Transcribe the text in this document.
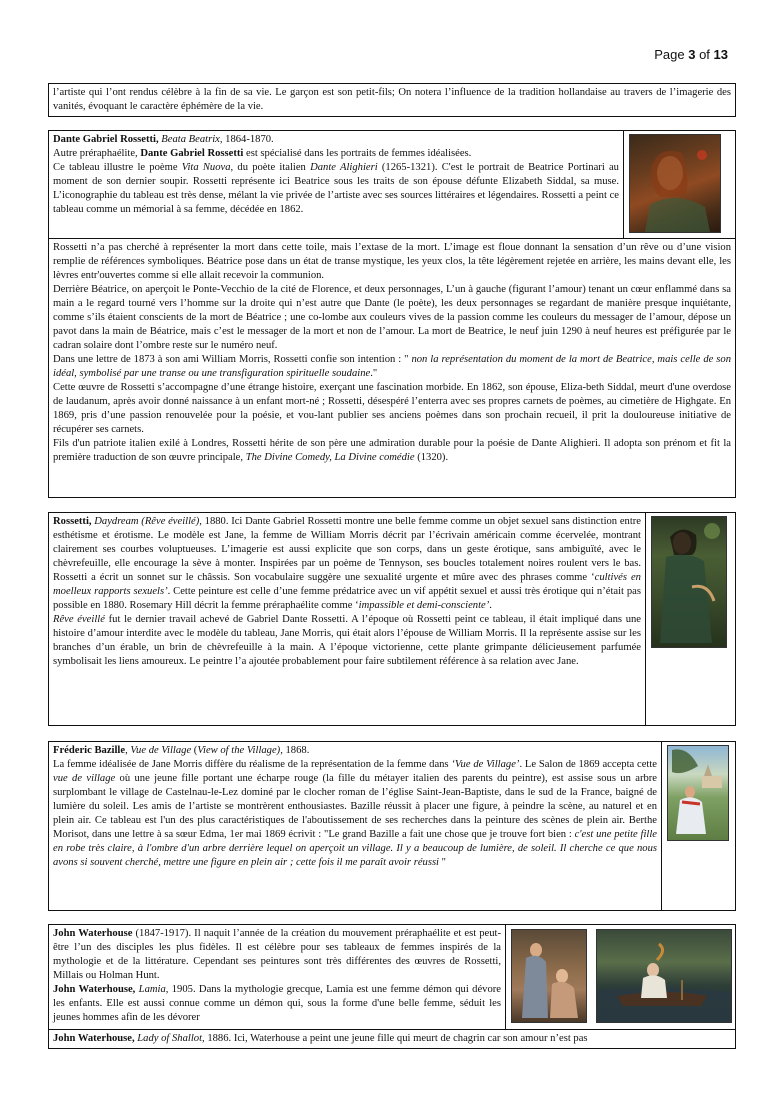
Page 3 of 13

l’artiste qui l’ont rendus célèbre à la fin de sa vie. Le garçon est son petit-fils; On notera l’influence de la tradition hollandaise au travers de l’imagerie des vanités, évoquant le caractère éphémère de la vie.

Dante Gabriel Rossetti, Beata Beatrix, 1864-1870.

Autre préraphaélite, Dante Gabriel Rossetti est spécialisé dans les portraits de femmes idéalisées.

Ce tableau illustre le poème Vita Nuova, du poète italien Dante Alighieri (1265-1321). C'est le portrait de Beatrice Portinari au moment de son dernier soupir. Rossetti représente ici Beatrice sous les traits de son épouse défunte Elizabeth Siddal, sa muse. L’iconographie du tableau est très dense, mélant la vie privée de l’artiste avec ses sources littéraires et légendaires. Rossetti a peint ce tableau comme un mémorial à sa femme, décédée en 1862.

Rossetti n’a pas cherché à représenter la mort dans cette toile, mais l’extase de la mort. L’image est floue donnant la sensation d’un rêve ou d’une vision remplie de références symboliques. Béatrice pose dans un état de transe mystique, les yeux clos, la tête légèrement rejetée en arrière, les mains devant elle, les lèvres entr'ouvertes comme si elle allait recevoir la communion.

Derrière Béatrice, on aperçoit le Ponte-Vecchio de la cité de Florence, et deux personnages, L’un à gauche (figurant l’amour) tenant un cœur enflammé dans sa main a le regard tourné vers l’homme sur la droite qui n’est autre que Dante (le poète), les deux personnages se regardant de manière presque inquiétante, comme s’ils étaient conscients de la mort de Béatrice ; une co-lombe aux couleurs vives de la passion comme les couleurs du messager de l’amour, dépose un pavot dans la main de Béatrice, mais c’est le messager de la mort et non de l’amour. La mort de Beatrice, le neuf juin 1290 à neuf heures est préfigurée par le cadran solaire dont l’ombre reste sur le numéro neuf.

Dans une lettre de 1873 à son ami William Morris, Rossetti confie son intention : " non la représentation du moment de la mort de Beatrice, mais celle de son idéal, symbolisé par une transe ou une transfiguration spirituelle soudaine."

Cette œuvre de Rossetti s’accompagne d’une étrange histoire, exerçant une fascination morbide. En 1862, son épouse, Eliza-beth Siddal, meurt d'une overdose de laudanum, après avoir donné naissance à un enfant mort-né ; Rossetti, désespéré l’enterra avec ses propres carnets de poèmes, au cimetière de Highgate. En 1869, pris d’une passion renouvelée pour la poésie, et vou-lant publier ses anciens poèmes dans son prochain recueil, il prit la douloureuse initiative de récupérer ses carnets.

Fils d'un patriote italien exilé à Londres, Rossetti hérite de son père une admiration durable pour la poésie de Dante Alighieri. Il adopta son prénom et fit la première traduction de son œuvre principale, The Divine Comedy, La Divine comédie (1320).

Rossetti, Daydream (Rêve éveillé), 1880. Ici Dante Gabriel Rossetti montre une belle femme comme un objet sexuel sans distinction entre esthétisme et érotisme. Le modèle est Jane, la femme de William Morris décrit par l’écrivain américain comme écervelée, montrant clairement ses courbes voluptueuses. L’imagerie est aussi explicite que son corps, dans un geste érotique, sans ambiguïté, avec le chèvrefeuille, elle encourage la sève à monter. Inspirées par un poème de Tennyson, ses boucles totalement noires roulent vers le bas. Rossetti a écrit un sonnet sur le châssis. Son vocabulaire suggère une sexualité urgente et mûre avec des phrases comme ‘cultivés en moelleux rapports sexuels’. Cette peinture est celle d’une femme prédatrice avec un vif appétit sexuel et aussi très érotique qui n’était pas possible en 1880. Rosemary Hill décrit la femme préraphaélite comme ‘impassible et demi-consciente’.

Rêve éveillé fut le dernier travail achevé de Gabriel Dante Rossetti. A l’époque où Rossetti peint ce tableau, il était impliqué dans une histoire d’amour interdite avec le modèle du tableau, Jane Morris, qui était alors l’épouse de William Morris. Il la représente assise sur les branches d’un érable, un brin de chèvrefeuille à la main. A l’époque victorienne, cette plante grimpante délicieusement parfumée symbolisait les liens amoureux. Le peintre l’a ajoutée probablement pour faire subtilement référence à sa relation avec Jane.

Fréderic Bazille, Vue de Village (View of the Village), 1868.

La femme idéalisée de Jane Morris diffère du réalisme de la représentation de la femme dans ‘Vue de Village’. Le Salon de 1869 accepta cette vue de village où une jeune fille portant une écharpe rouge (la fille du métayer italien des parents du peintre), est assise sous un arbre surplombant le village de Castelnau-le-Lez dominé par le clocher roman de l’église Saint-Jean-Baptiste, dans le sud de la France, baigné de lumière du soleil. Les amis de l’artiste se montrèrent enthousiastes. Bazille réussit à placer une figure, à peindre la scène, au naturel et en plein air. Ce tableau est l'un des plus caractéristiques de l'aboutissement de ses recherches dans la peinture des scènes de plein air. Berthe Morisot, dans une lettre à sa sœur Edma, 1er mai 1869 écrivit : "Le grand Bazille a fait une chose que je trouve fort bien : c'est une petite fille en robe très claire, à l'ombre d'un arbre derrière lequel on aperçoit un village. Il y a beaucoup de lumière, de soleil. Il cherche ce que nous avons si souvent cherché, mettre une figure en plein air ; cette fois il me paraît avoir réussi "

John Waterhouse (1847-1917). Il naquit l’année de la création du mouvement préraphaélite et est peut-être l’un des disciples les plus fidèles. Il est célèbre pour ses tableaux de femmes inspirés de la mythologie et de la littérature. Cependant ses peintures sont très différentes des œuvres de Rossetti, Millais ou Holman Hunt.

John Waterhouse, Lamia, 1905. Dans la mythologie grecque, Lamia est une femme démon qui dévore les enfants. Elle est aussi connue comme un démon qui, sous la forme d'une belle femme, séduit les jeunes hommes afin de les dévorer

John Waterhouse, Lady of Shallot, 1886. Ici, Waterhouse a peint une jeune fille qui meurt de chagrin car son amour n’est pas
